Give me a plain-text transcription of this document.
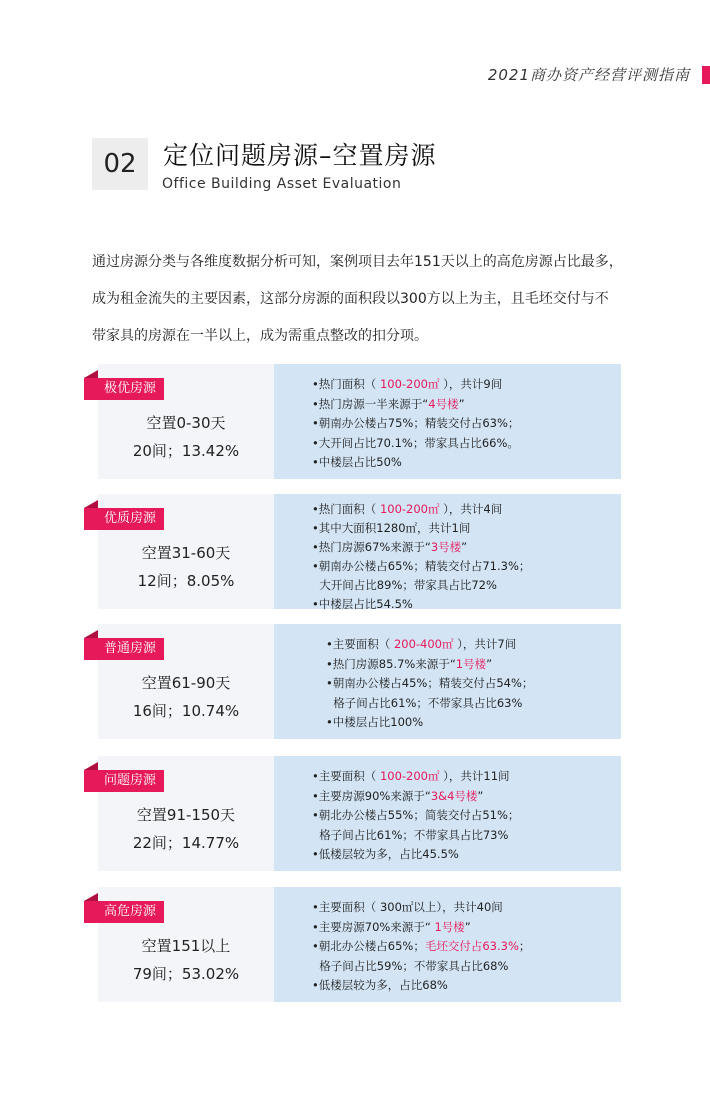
2021商办资产经营评测指南
02	定位问题房源–空置房源
Office Building Asset Evaluation

通过房源分类与各维度数据分析可知，案例项目去年151天以上的高危房源占比最多，

成为租金流失的主要因素，这部分房源的面积段以300方以上为主，且毛坯交付与不

带家具的房源在一半以上，成为需重点整改的扣分项。

极优房源
空置0-30天
20间；13.42%
•热门面积（ 100-200㎡ ），共计9间
•热门房源一半来源于“4号楼”
•朝南办公楼占75%；精装交付占63%；
•大开间占比70.1%；带家具占比66%。
•中楼层占比50%
优质房源
空置31-60天
12间；8.05%
•热门面积（ 100-200㎡ ），共计4间
•其中大面积1280㎡，共计1间
•热门房源67%来源于“3号楼”
•朝南办公楼占65%；精装交付占71.3%；
大开间占比89%；带家具占比72%
•中楼层占比54.5%
普通房源
空置61-90天
16间；10.74%
•主要面积（ 200-400㎡ ），共计7间
•热门房源85.7%来源于“1号楼”
•朝南办公楼占45%；精装交付占54%；
格子间占比61%；不带家具占比63%
•中楼层占比100%
问题房源
空置91-150天
22间；14.77%
•主要面积（ 100-200㎡ ），共计11间
•主要房源90%来源于“3&4号楼”
•朝北办公楼占55%；简装交付占51%；
格子间占比61%；不带家具占比73%
•低楼层较为多，占比45.5%
高危房源
空置151以上
79间；53.02%
•主要面积（ 300㎡以上），共计40间
•主要房源70%来源于“ 1号楼”
•朝北办公楼占65%；毛坯交付占63.3%；
格子间占比59%；不带家具占比68%
•低楼层较为多，占比68%
